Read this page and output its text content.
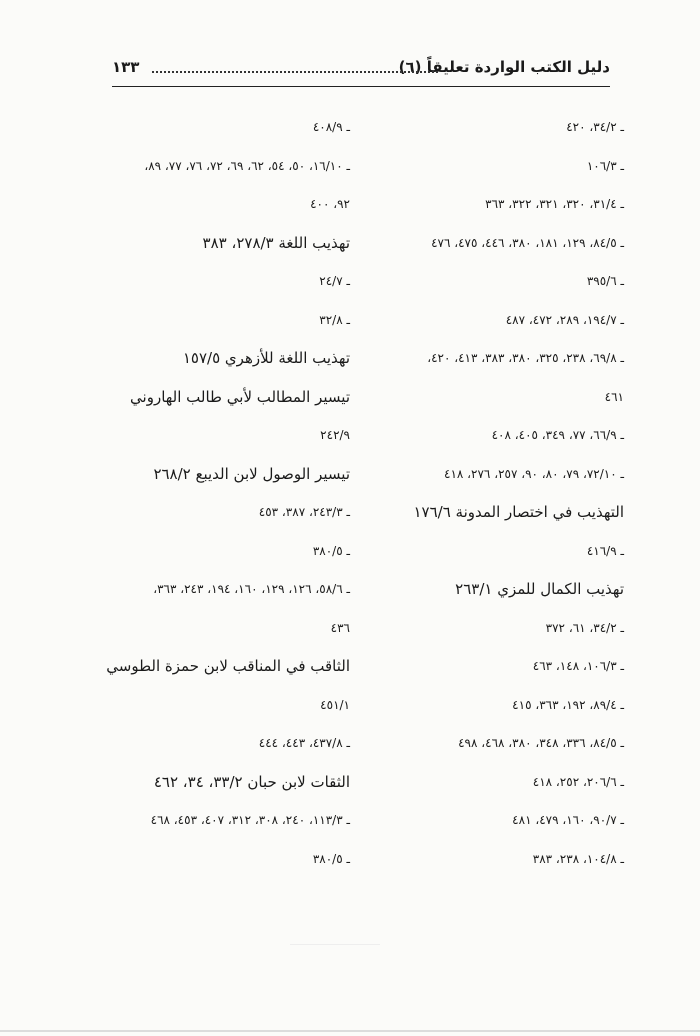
دليل الكتب الواردة تعليقاً (٦)
١٣٣
ـ ٣٤/٢، ٤٢٠
ـ ١٠٦/٣
ـ ٣١/٤، ٣٢٠، ٣٢١، ٣٢٢، ٣٦٣
ـ ٨٤/٥، ١٢٩، ١٨١، ٣٨٠، ٤٤٦، ٤٧٥، ٤٧٦
ـ ٣٩٥/٦
ـ ١٩٤/٧، ٢٨٩، ٤٧٢، ٤٨٧
ـ ٦٩/٨، ٢٣٨، ٣٢٥، ٣٨٠، ٣٨٣، ٤١٣، ٤٢٠،
٤٦١
ـ ٦٦/٩، ٧٧، ٣٤٩، ٤٠٥، ٤٠٨
ـ ٧٢/١٠، ٧٩، ٨٠، ٩٠، ٢٥٧، ٢٧٦، ٤١٨
التهذيب في اختصار المدونة ١٧٦/٦
ـ ٤١٦/٩
تهذيب الكمال للمزي ٢٦٣/١
ـ ٣٤/٢، ٦١، ٣٧٢
ـ ١٠٦/٣، ١٤٨، ٤٦٣
ـ ٨٩/٤، ١٩٢، ٣٦٣، ٤١٥
ـ ٨٤/٥، ٣٣٦، ٣٤٨، ٣٨٠، ٤٦٨، ٤٩٨
ـ ٢٠٦/٦، ٢٥٢، ٤١٨
ـ ٩٠/٧، ١٦٠، ٤٧٩، ٤٨١
ـ ١٠٤/٨، ٢٣٨، ٣٨٣
ـ ٤٠٨/٩
ـ ١٦/١٠، ٥٠، ٥٤، ٦٢، ٦٩، ٧٢، ٧٦، ٧٧، ٨٩،
٩٢، ٤٠٠
تهذيب اللغة ٢٧٨/٣، ٣٨٣
ـ ٢٤/٧
ـ ٣٢/٨
تهذيب اللغة للأزهري ١٥٧/٥
تيسير المطالب لأبي طالب الهاروني
٢٤٢/٩
تيسير الوصول لابن الديبع ٢٦٨/٢
ـ ٢٤٣/٣، ٣٨٧، ٤٥٣
ـ ٣٨٠/٥
ـ ٥٨/٦، ١٢٦، ١٢٩، ١٦٠، ١٩٤، ٢٤٣، ٣٦٣،
٤٣٦
الثاقب في المناقب لابن حمزة الطوسي
٤٥١/١
ـ ٤٣٧/٨، ٤٤٣، ٤٤٤
الثقات لابن حبان ٣٣/٢، ٣٤، ٤٦٢
ـ ١١٣/٣، ٢٤٠، ٣٠٨، ٣١٢، ٤٠٧، ٤٥٣، ٤٦٨
ـ ٣٨٠/٥
